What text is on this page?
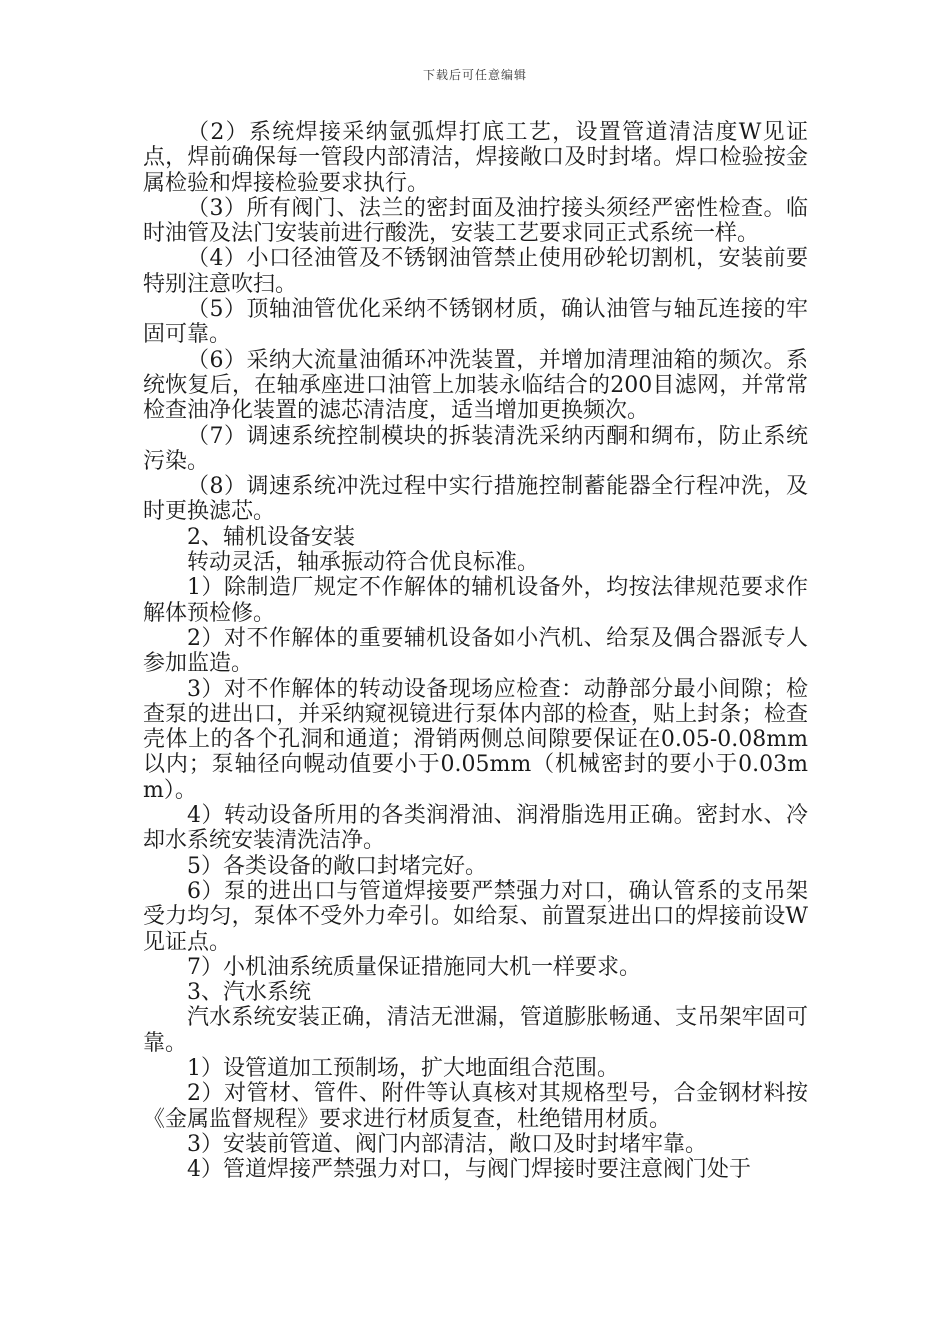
下载后可任意编辑

（2）系统焊接采纳氩弧焊打底工艺，设置管道清洁度W见证点，焊前确保每一管段内部清洁，焊接敞口及时封堵。焊口检验按金属检验和焊接检验要求执行。

（3）所有阀门、法兰的密封面及油拧接头须经严密性检查。临时油管及法门安装前进行酸洗，安装工艺要求同正式系统一样。

（4）小口径油管及不锈钢油管禁止使用砂轮切割机，安装前要特别注意吹扫。

（5）顶轴油管优化采纳不锈钢材质，确认油管与轴瓦连接的牢固可靠。

（6）采纳大流量油循环冲洗装置，并增加清理油箱的频次。系统恢复后，在轴承座进口油管上加装永临结合的200目滤网，并常常检查油净化装置的滤芯清洁度，适当增加更换频次。

（7）调速系统控制模块的拆装清洗采纳丙酮和绸布，防止系统污染。

（8）调速系统冲洗过程中实行措施控制蓄能器全行程冲洗，及时更换滤芯。

2、辅机设备安装

转动灵活，轴承振动符合优良标准。

1）除制造厂规定不作解体的辅机设备外，均按法律规范要求作解体预检修。

2）对不作解体的重要辅机设备如小汽机、给泵及偶合器派专人参加监造。

3）对不作解体的转动设备现场应检查：动静部分最小间隙；检查泵的进出口，并采纳窥视镜进行泵体内部的检查，贴上封条；检查壳体上的各个孔洞和通道；滑销两侧总间隙要保证在0.05-0.08mm以内；泵轴径向幌动值要小于0.05mm（机械密封的要小于0.03mm）。

4）转动设备所用的各类润滑油、润滑脂选用正确。密封水、冷却水系统安装清洗洁净。

5）各类设备的敞口封堵完好。

6）泵的进出口与管道焊接要严禁强力对口，确认管系的支吊架受力均匀，泵体不受外力牵引。如给泵、前置泵进出口的焊接前设W见证点。

7）小机油系统质量保证措施同大机一样要求。

3、汽水系统

汽水系统安装正确，清洁无泄漏，管道膨胀畅通、支吊架牢固可靠。

1）设管道加工预制场，扩大地面组合范围。

2）对管材、管件、附件等认真核对其规格型号，合金钢材料按《金属监督规程》要求进行材质复查，杜绝错用材质。

3）安装前管道、阀门内部清洁，敞口及时封堵牢靠。

4）管道焊接严禁强力对口，与阀门焊接时要注意阀门处于
